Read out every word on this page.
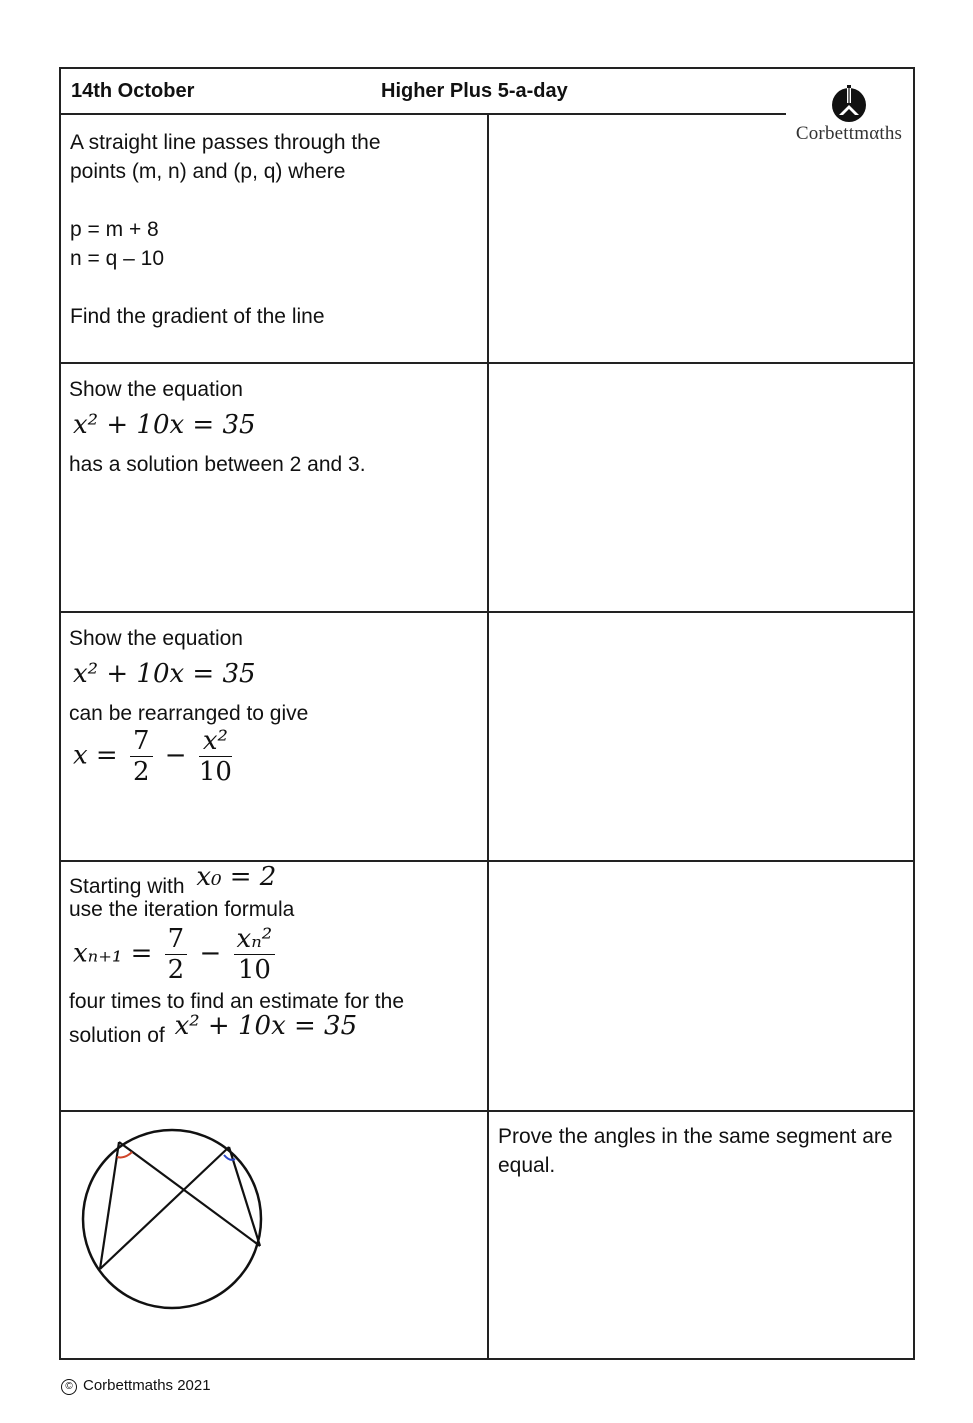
14th October	Higher Plus 5-a-day
Corbettmαths

A straight line passes through the

points (m, n) and (p, q) where

p = m + 8

n = q – 10

Find the gradient of the line

Show the equation

x² + 10x = 35

has a solution between 2 and 3.

Show the equation

x² + 10x = 35

can be rearranged to give

$x = \frac{7}{2} - \frac{\text{x²}}{10}$

Starting with x₀ = 2

use the iteration formula

$x_{n+1} = \frac{7}{2} - \frac{\text{xₙ²}}{10}$

four times to find an estimate for the

solution of x² + 10x = 35

Prove the angles in the same segment are equal.

© Corbettmaths 2021
